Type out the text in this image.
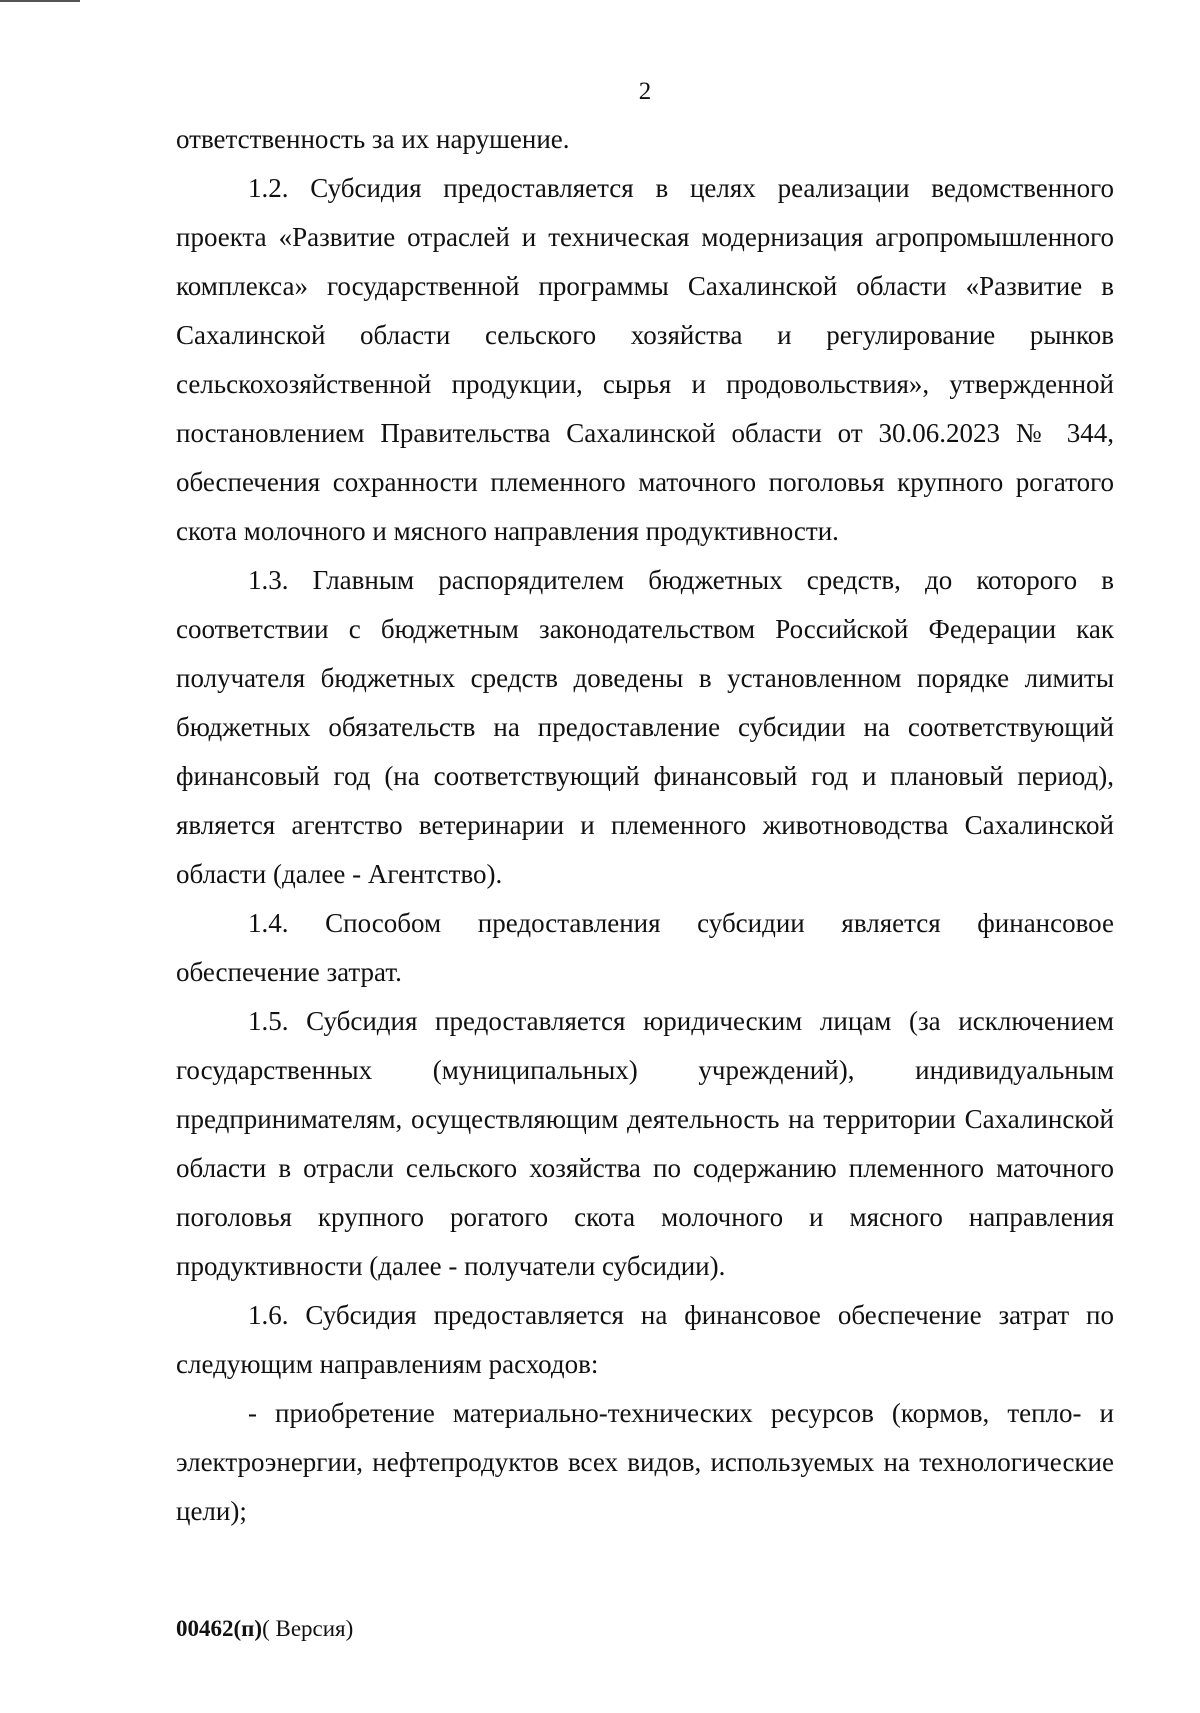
2

ответственность за их нарушение.

1.2. Субсидия предоставляется в целях реализации ведомственного проекта «Развитие отраслей и техническая модернизация агропромышленного комплекса» государственной программы Сахалинской области «Развитие в Сахалинской области сельского хозяйства и регулирование рынков сельскохозяйственной продукции, сырья и продовольствия», утвержденной постановлением Правительства Сахалинской области от 30.06.2023 № 344, обеспечения сохранности племенного маточного поголовья крупного рогатого скота молочного и мясного направления продуктивности.

1.3. Главным распорядителем бюджетных средств, до которого в соответствии с бюджетным законодательством Российской Федерации как получателя бюджетных средств доведены в установленном порядке лимиты бюджетных обязательств на предоставление субсидии на соответствующий финансовый год (на соответствующий финансовый год и плановый период), является агентство ветеринарии и племенного животноводства Сахалинской области (далее - Агентство).

1.4. Способом предоставления субсидии является финансовое обеспечение затрат.

1.5. Субсидия предоставляется юридическим лицам (за исключением государственных (муниципальных) учреждений), индивидуальным предпринимателям, осуществляющим деятельность на территории Сахалинской области в отрасли сельского хозяйства по содержанию племенного маточного поголовья крупного рогатого скота молочного и мясного направления продуктивности (далее - получатели субсидии).

1.6. Субсидия предоставляется на финансовое обеспечение затрат по следующим направлениям расходов:

- приобретение материально-технических ресурсов (кормов, тепло- и электроэнергии, нефтепродуктов всех видов, используемых на технологические цели);

00462(п)( Версия)
